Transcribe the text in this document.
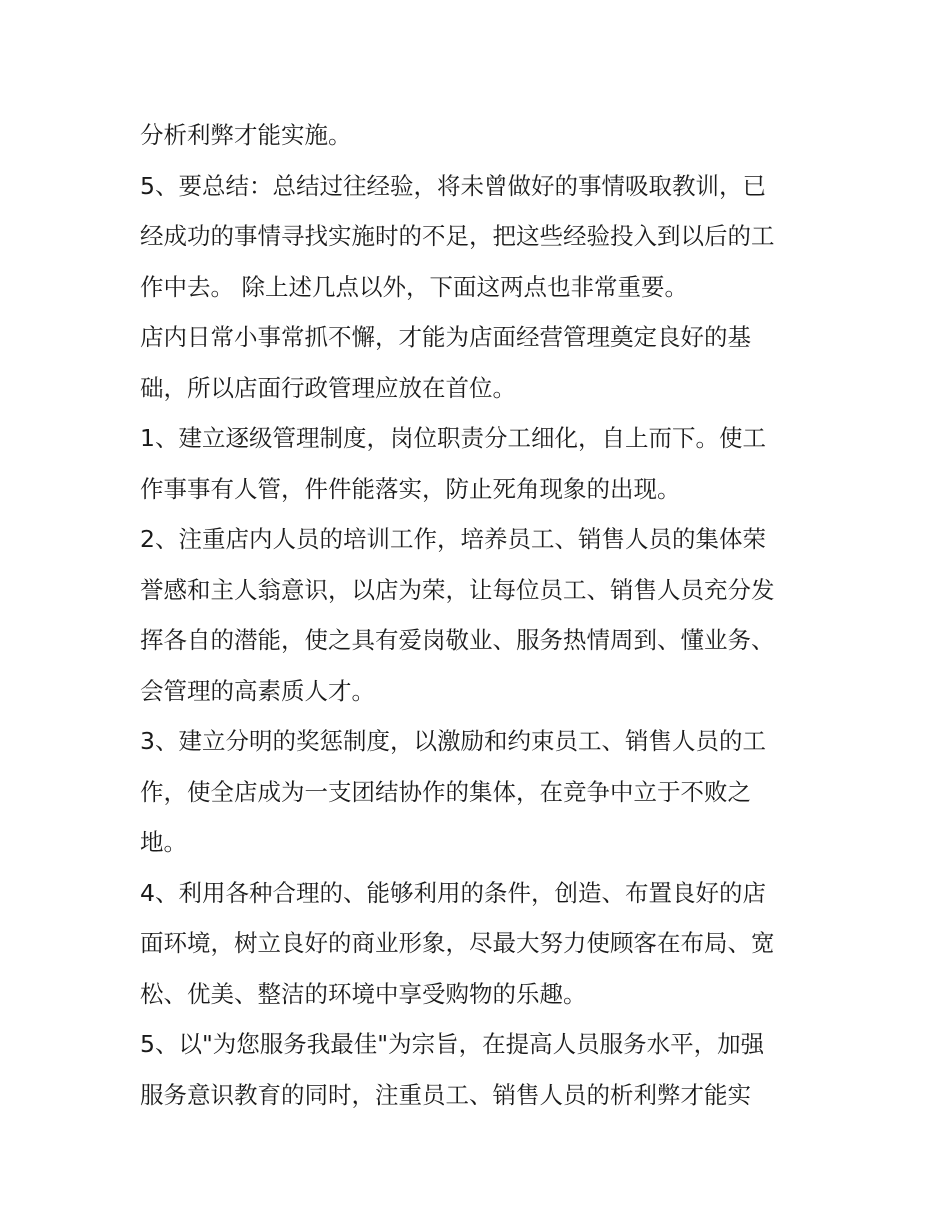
分析利弊才能实施。

5、要总结：总结过往经验，将未曾做好的事情吸取教训，已
经成功的事情寻找实施时的不足，把这些经验投入到以后的工
作中去。 除上述几点以外，下面这两点也非常重要。

店内日常小事常抓不懈，才能为店面经营管理奠定良好的基
础，所以店面行政管理应放在首位。

1、建立逐级管理制度，岗位职责分工细化，自上而下。使工
作事事有人管，件件能落实，防止死角现象的出现。

2、注重店内人员的培训工作，培养员工、销售人员的集体荣
誉感和主人翁意识，以店为荣，让每位员工、销售人员充分发
挥各自的潜能，使之具有爱岗敬业、服务热情周到、懂业务、
会管理的高素质人才。

3、建立分明的奖惩制度，以激励和约束员工、销售人员的工
作，使全店成为一支团结协作的集体，在竞争中立于不败之
地。

4、利用各种合理的、能够利用的条件，创造、布置良好的店
面环境，树立良好的商业形象，尽最大努力使顾客在布局、宽
松、优美、整洁的环境中享受购物的乐趣。

5、以"为您服务我最佳"为宗旨，在提高人员服务水平，加强
服务意识教育的同时，注重员工、销售人员的析利弊才能实
